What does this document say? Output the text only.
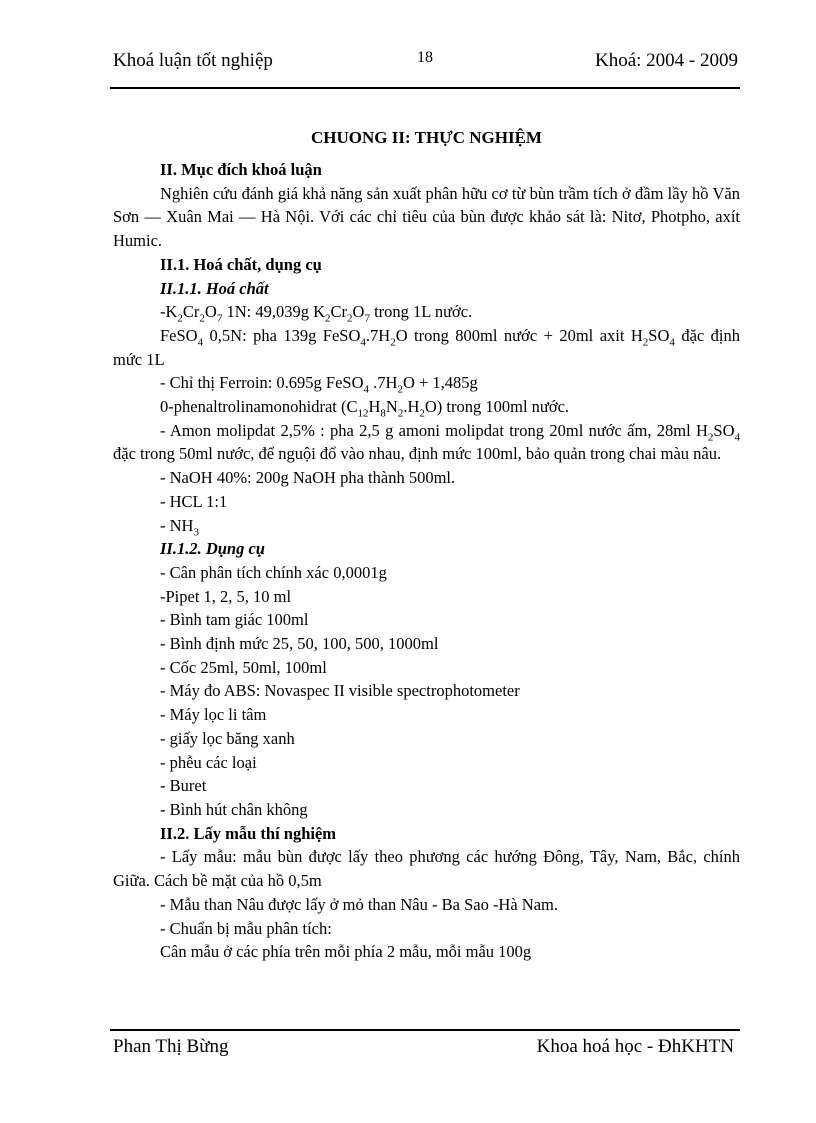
Khoá luận tốt nghiệp	18	Khoá: 2004 - 2009

CHUONG II: THỰC NGHIỆM

II. Mục đích khoá luận

Nghiên cứu đánh giá khả năng sản xuất phân hữu cơ từ bùn trầm tích ở đầm lầy hồ Văn Sơn — Xuân Mai — Hà Nội. Với các chỉ tiêu của bùn được khảo sát là: Nitơ, Photpho, axít Humic.

II.1. Hoá chất, dụng cụ

II.1.1. Hoá chất

$-K_2Cr_2O_7$ 1N: 49,039g $K_2Cr_2O_7$ trong 1L nước.

FeSO$_4$ 0,5N: pha 139g $FeSO_4.7H_2O$ trong 800ml nước + 20ml axit $H_2SO_4$ đặc định mức 1L

- Chỉ thị Ferroin: 0.695g FeSO$_4$ $.7H_2O + 1,485g$

0-phenaltrolinamonohidrat $(C_{12}H_8N_2.H_2O)$ trong 100ml nước.

- Amon molipdat 2,5% : pha 2,5 g amoni molipdat trong 20ml nước ấm, 28ml $H_2SO_4$ đặc trong 50ml nước, để nguội đổ vào nhau, định mức 100ml, bảo quản trong chai màu nâu.

- NaOH 40%: 200g NaOH pha thành 500ml.

- HCL 1:1

- $NH_3$

II.1.2. Dụng cụ

- Cân phân tích chính xác 0,0001g

-Pipet 1, 2, 5, 10 ml

- Bình tam giác 100ml

- Bình định mức 25, 50, 100, 500, 1000ml

- Cốc 25ml, 50ml, 100ml

- Máy đo ABS: Novaspec II visible spectrophotometer

- Máy lọc li tâm

- giấy lọc băng xanh

- phễu các loại

- Buret

- Bình hút chân không

II.2. Lấy mẫu thí nghiệm

- Lấy mẫu: mẫu bùn được lấy theo phương các hướng Đông, Tây, Nam, Bắc, chính Giữa. Cách bề mặt của hồ 0,5m

- Mẫu than Nâu được lấy ở mỏ than Nâu - Ba Sao -Hà Nam.

- Chuẩn bị mẫu phân tích:

Cân mẫu ở các phía trên mỗi phía 2 mẫu, mỗi mẫu 100g

Phan Thị Bừng	Khoa hoá học - ĐhKHTN
